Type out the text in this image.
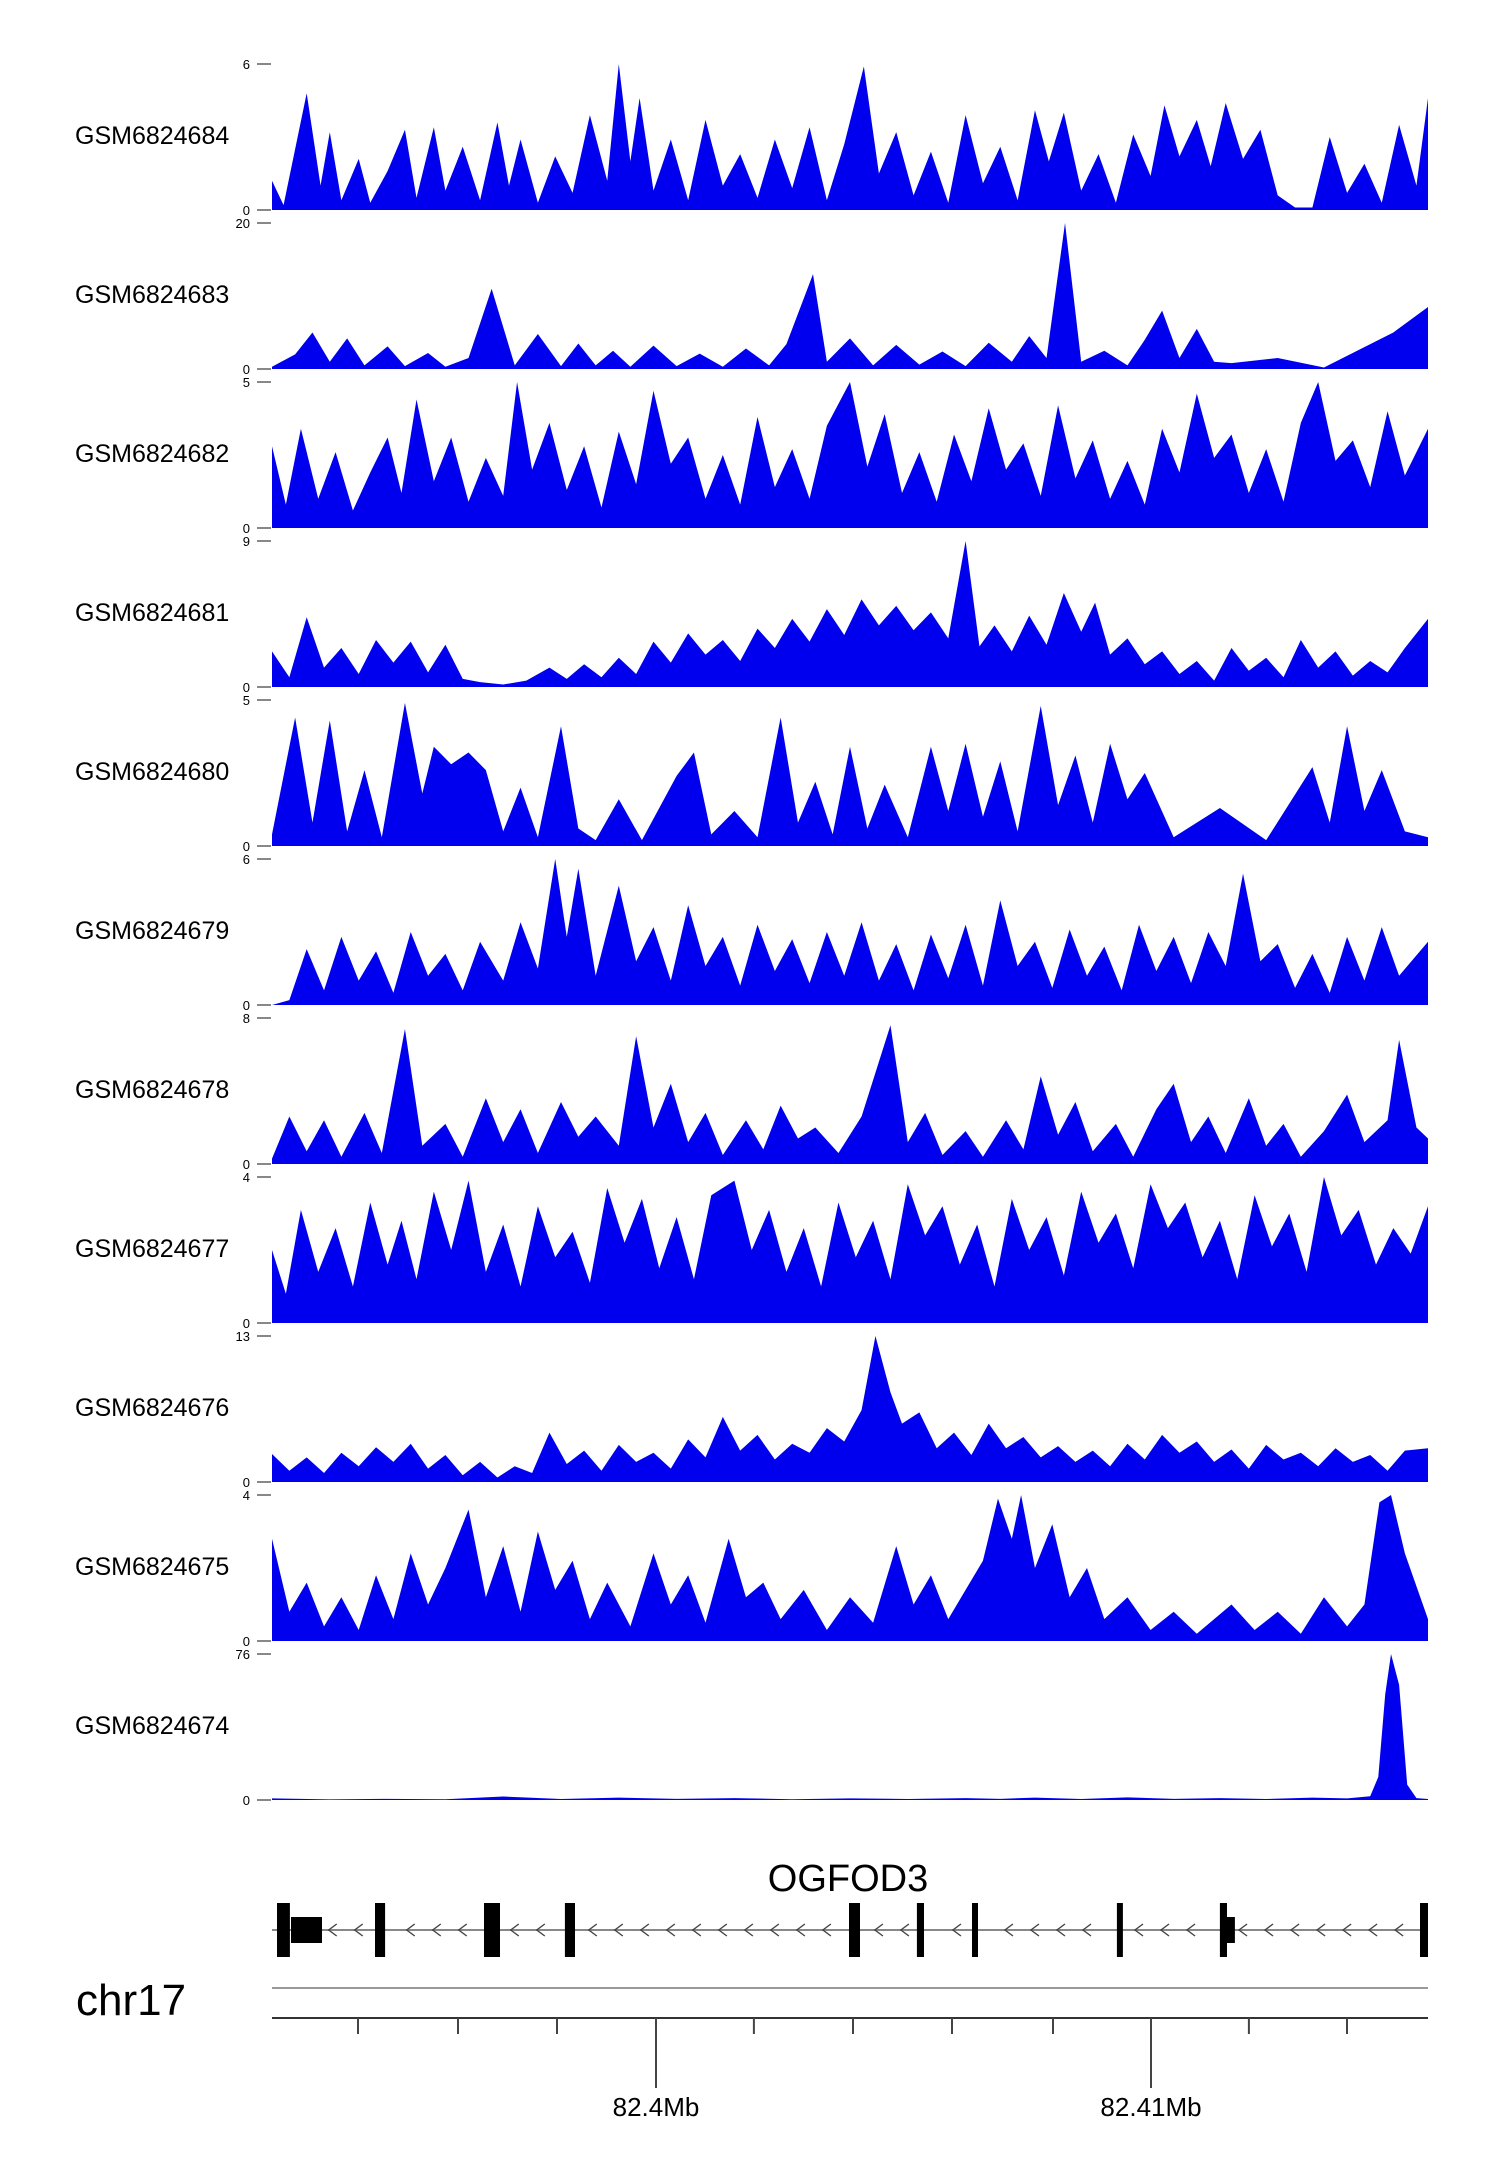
GSM6824684
6
0
GSM6824683
20
0
GSM6824682
5
0
GSM6824681
9
0
GSM6824680
5
0
GSM6824679
6
0
GSM6824678
8
0
GSM6824677
4
0
GSM6824676
13
0
GSM6824675
4
0
GSM6824674
76
0
OGFOD3
chr17
82.4Mb	82.41Mb
